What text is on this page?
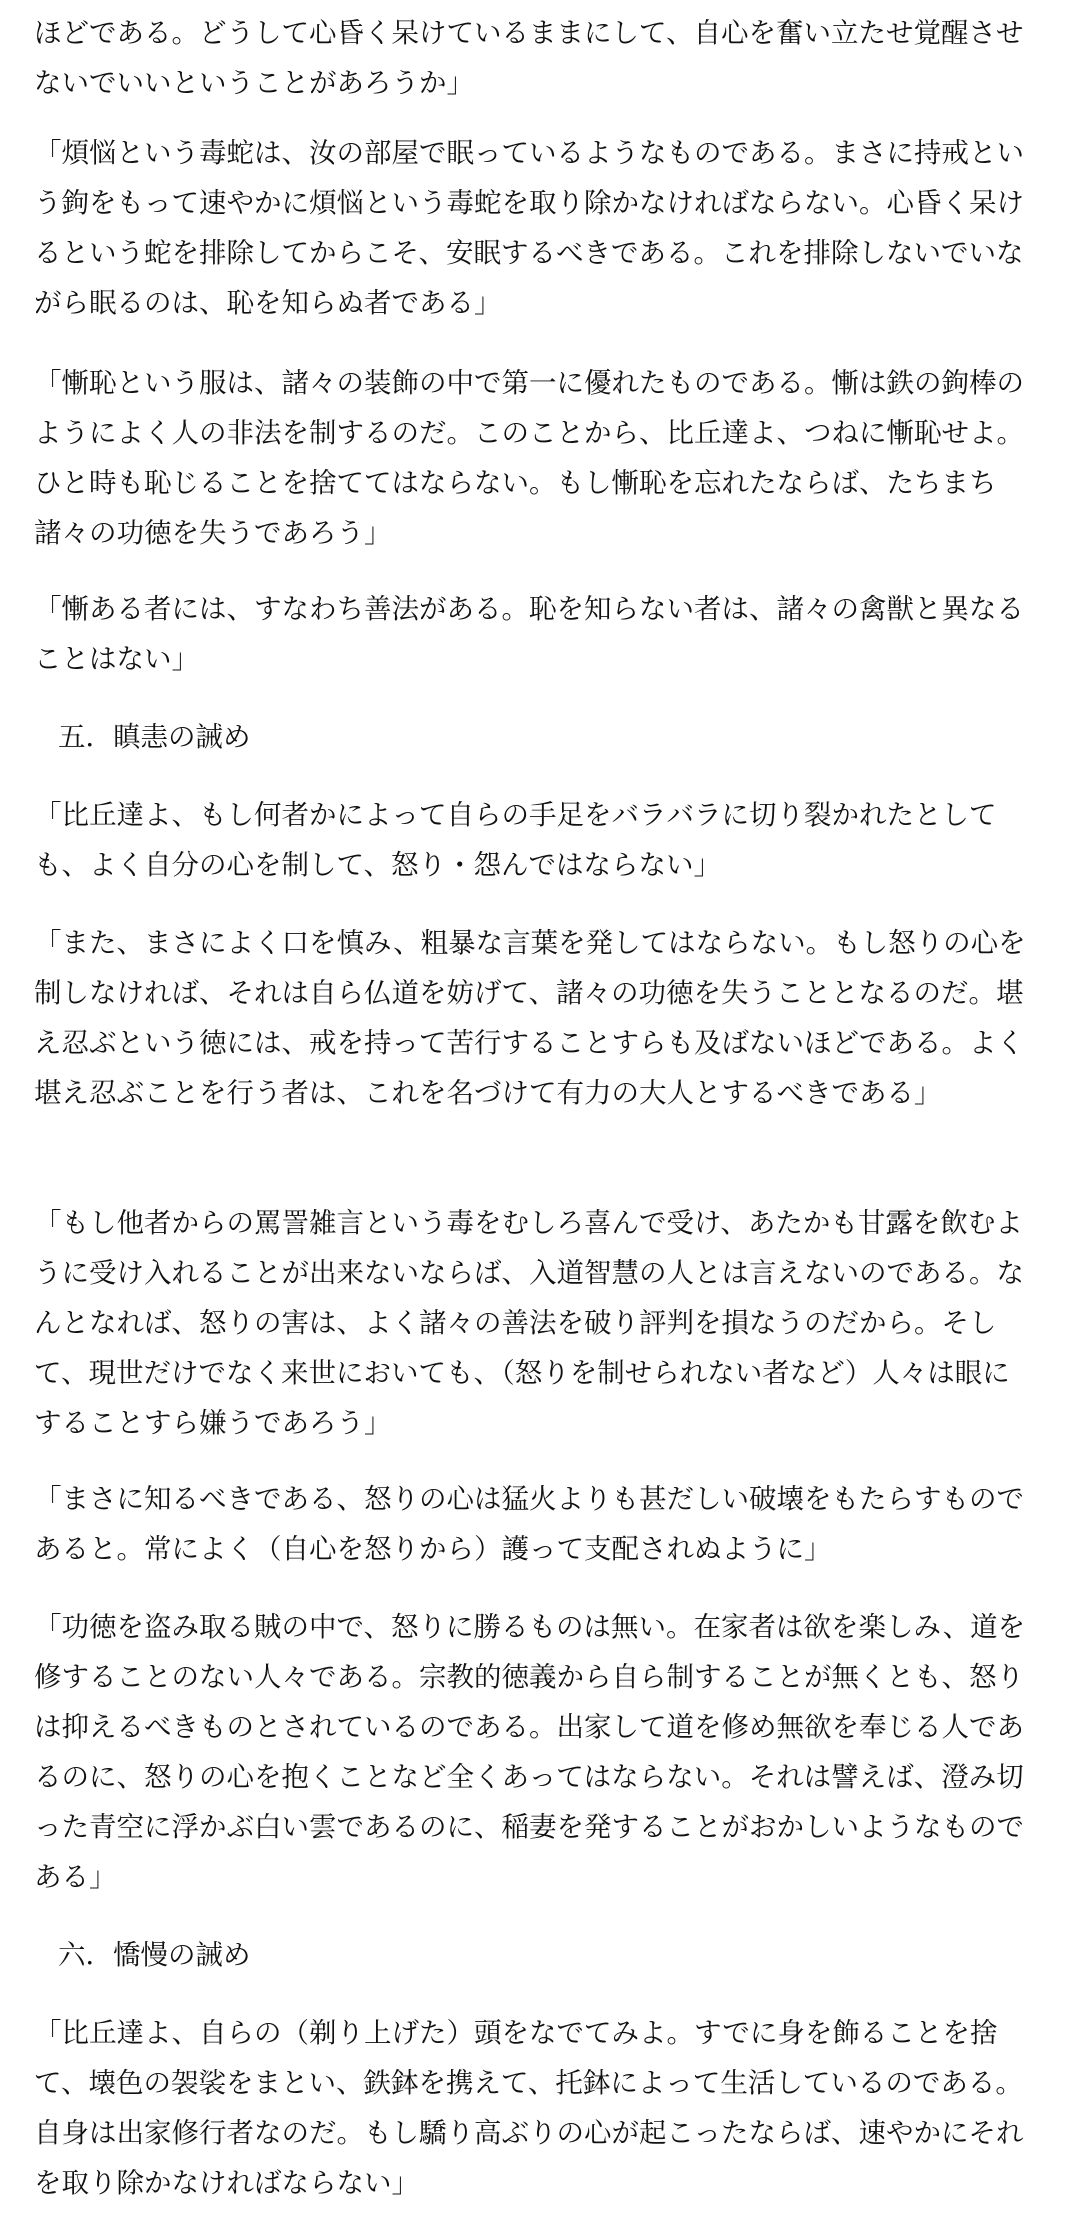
ほどである。どうして心昏く呆けているままにして、自心を奮い立たせ覚醒させないでいいということがあろうか」

「煩悩という毒蛇は、汝の部屋で眠っているようなものである。まさに持戒という鉤をもって速やかに煩悩という毒蛇を取り除かなければならない。心昏く呆けるという蛇を排除してからこそ、安眠するべきである。これを排除しないでいながら眠るのは、恥を知らぬ者である」

「慚恥という服は、諸々の装飾の中で第一に優れたものである。慚は鉄の鉤棒のようによく人の非法を制するのだ。このことから、比丘達よ、つねに慚恥せよ。ひと時も恥じることを捨ててはならない。もし慚恥を忘れたならば、たちまち諸々の功徳を失うであろう」

「慚ある者には、すなわち善法がある。恥を知らない者は、諸々の禽獣と異なることはない」

五．瞋恚の誡め

「比丘達よ、もし何者かによって自らの手足をバラバラに切り裂かれたとしても、よく自分の心を制して、怒り・怨んではならない」

「また、まさによく口を慎み、粗暴な言葉を発してはならない。もし怒りの心を制しなければ、それは自ら仏道を妨げて、諸々の功徳を失うこととなるのだ。堪え忍ぶという徳には、戒を持って苦行することすらも及ばないほどである。よく堪え忍ぶことを行う者は、これを名づけて有力の大人とするべきである」

「もし他者からの罵詈雑言という毒をむしろ喜んで受け、あたかも甘露を飲むように受け入れることが出来ないならば、入道智慧の人とは言えないのである。なんとなれば、怒りの害は、よく諸々の善法を破り評判を損なうのだから。そして、現世だけでなく来世においても、（怒りを制せられない者など）人々は眼にすることすら嫌うであろう」

「まさに知るべきである、怒りの心は猛火よりも甚だしい破壊をもたらすものであると。常によく（自心を怒りから）護って支配されぬように」

「功徳を盗み取る賊の中で、怒りに勝るものは無い。在家者は欲を楽しみ、道を修することのない人々である。宗教的徳義から自ら制することが無くとも、怒りは抑えるべきものとされているのである。出家して道を修め無欲を奉じる人であるのに、怒りの心を抱くことなど全くあってはならない。それは譬えば、澄み切った青空に浮かぶ白い雲であるのに、稲妻を発することがおかしいようなものである」

六．憍慢の誡め

「比丘達よ、自らの（剃り上げた）頭をなでてみよ。すでに身を飾ることを捨て、壊色の袈裟をまとい、鉄鉢を携えて、托鉢によって生活しているのである。自身は出家修行者なのだ。もし驕り高ぶりの心が起こったならば、速やかにそれを取り除かなければならない」
